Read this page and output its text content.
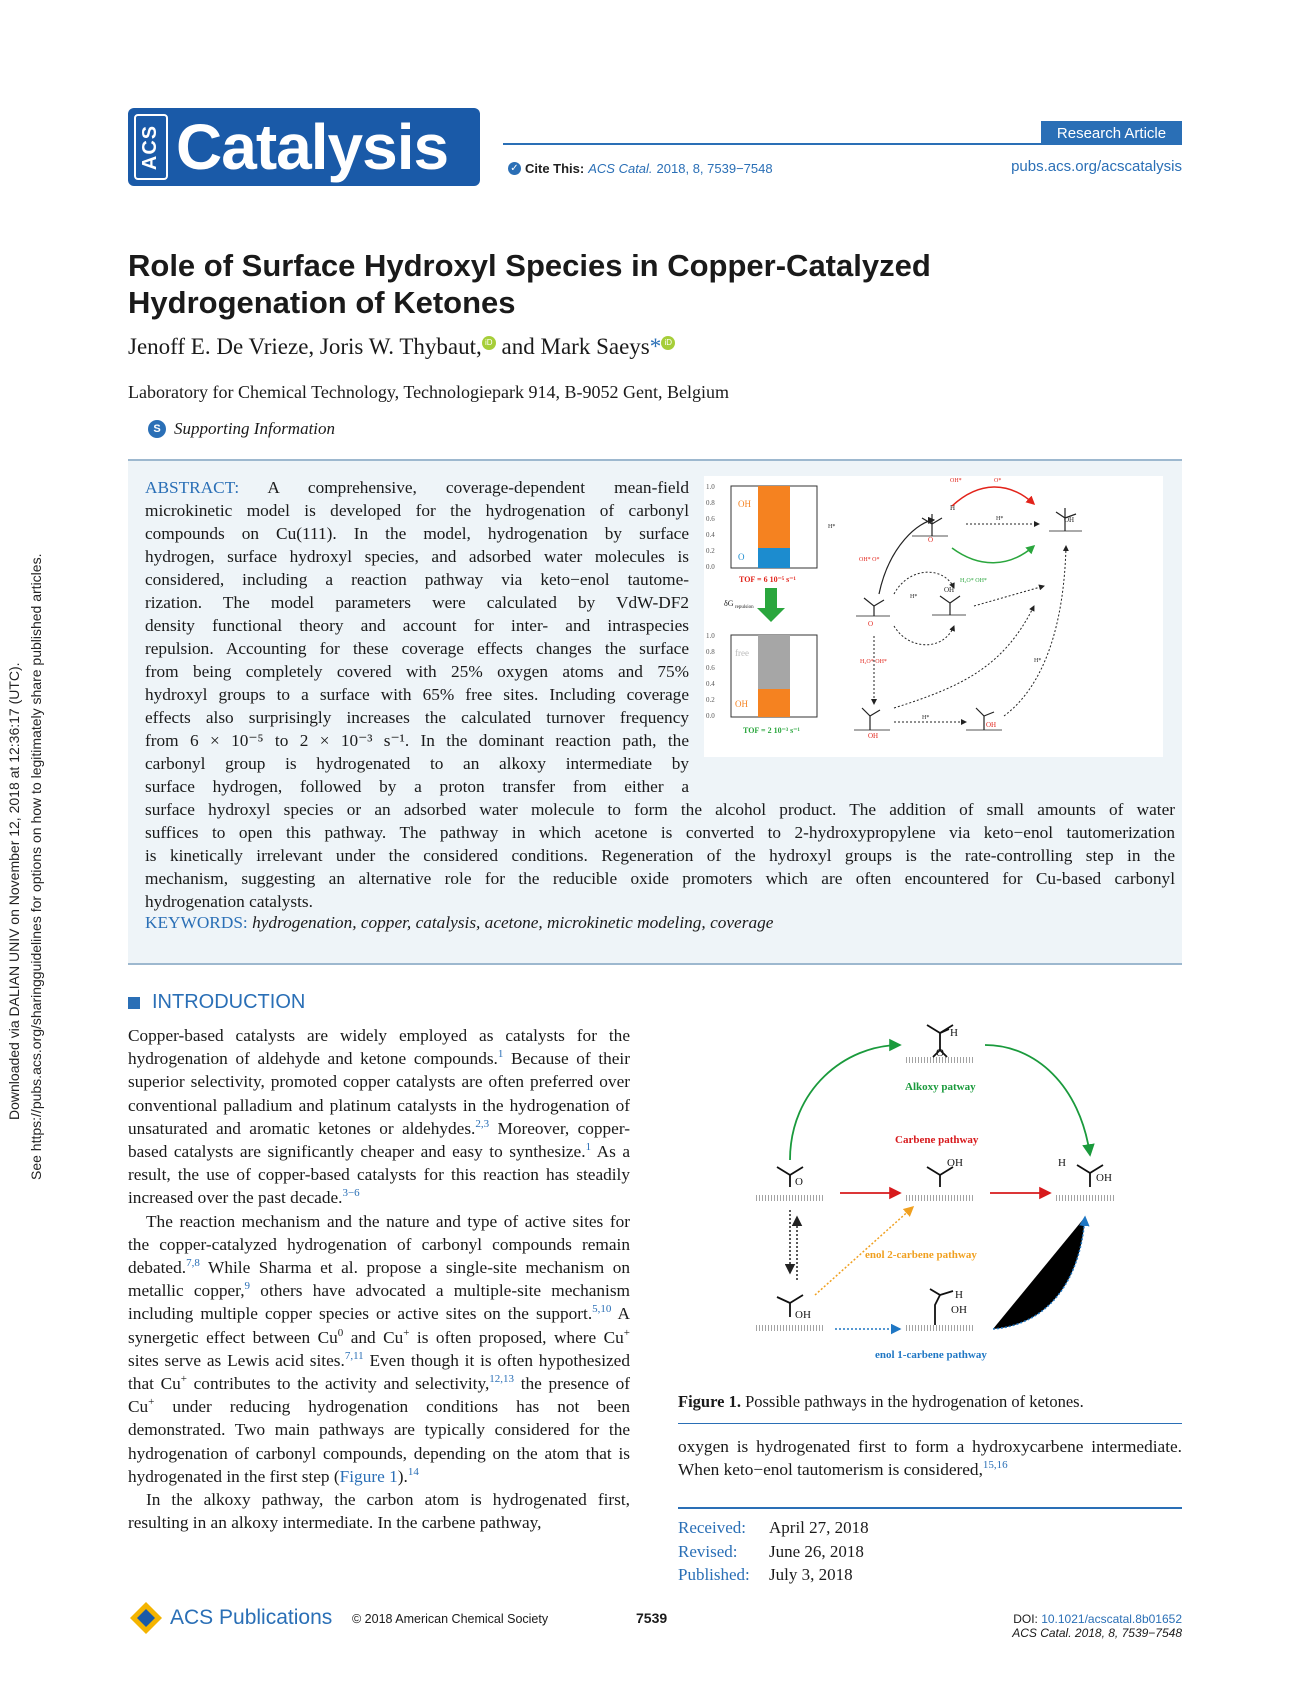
Downloaded via DALIAN UNIV on November 12, 2018 at 12:36:17 (UTC). See https://pubs.acs.org/sharingguidelines for options on how to legitimately share published articles.
ACS Catalysis	Research Article
✓ Cite This: ACS Catal. 2018, 8, 7539−7548	pubs.acs.org/acscatalysis
Role of Surface Hydroxyl Species in Copper-Catalyzed Hydrogenation of Ketones
Jenoff E. De Vrieze, Joris W. Thybaut, iD and Mark Saeys* iD
Laboratory for Chemical Technology, Technologiepark 914, B-9052 Gent, Belgium
S Supporting Information
ABSTRACT: A comprehensive, coverage-dependent mean-field
microkinetic model is developed for the hydrogenation of carbonyl
compounds on Cu(111). In the model, hydrogenation by surface
hydrogen, surface hydroxyl species, and adsorbed water molecules is
considered, including a reaction pathway via keto−enol tautome-
rization. The model parameters were calculated by VdW-DF2
density functional theory and account for inter- and intraspecies
repulsion. Accounting for these coverage effects changes the surface
from being completely covered with 25% oxygen atoms and 75%
hydroxyl groups to a surface with 65% free sites. Including coverage
effects also surprisingly increases the calculated turnover frequency
from 6 × 10⁻⁵ to 2 × 10⁻³ s⁻¹. In the dominant reaction path, the
carbonyl group is hydrogenated to an alkoxy intermediate by
surface hydrogen, followed by a proton transfer from either a
surface hydroxyl species or an adsorbed water molecule to form the alcohol product. The addition of small amounts of water
suffices to open this pathway. The pathway in which acetone is converted to 2-hydroxypropylene via keto−enol tautomerization
is kinetically irrelevant under the considered conditions. Regeneration of the hydroxyl groups is the rate-controlling step in the
mechanism, suggesting an alternative role for the reducible oxide promoters which are often encountered for Cu-based carbonyl
hydrogenation catalysts.
KEYWORDS: hydrogenation, copper, catalysis, acetone, microkinetic modeling, coverage
1.0
0.8
0.6
0.4
0.2
0.0
OH
O
TOF = 6 10⁻⁵ s⁻¹
δG repulsion
1.0
0.8
0.6
0.4
0.2
0.0
free
OH
TOF = 2 10⁻³ s⁻¹
O
O
OH
OH
OH
OH
H
OH*	O*
OH* O*
H₂O* OH*
H₂O* OH*
H*
H*
H*
H*
H*
INTRODUCTION

Copper-based catalysts are widely employed as catalysts for the hydrogenation of aldehyde and ketone compounds.$^1$ Because of their superior selectivity, promoted copper catalysts are often preferred over conventional palladium and platinum catalysts in the hydrogenation of unsaturated and aromatic ketones or aldehydes.$^{2,3}$ Moreover, copper-based catalysts are significantly cheaper and easy to synthesize.$^1$ As a result, the use of copper-based catalysts for this reaction has steadily increased over the past decade.$^{3-6}$

The reaction mechanism and the nature and type of active sites for the copper-catalyzed hydrogenation of carbonyl compounds remain debated.$^{7,8}$ While Sharma et al. propose a single-site mechanism on metallic copper,$^9$ others have advocated a multiple-site mechanism including multiple copper species or active sites on the support.$^{5,10}$ A synergetic effect between Cu$^0$ and Cu+ is often proposed, where Cu+ sites serve as Lewis acid sites.$^{7,11}$ Even though it is often hypothesized that Cu+ contributes to the activity and selectivity,$^{12,13}$ the presence of Cu+ under reducing hydrogenation conditions has not been demonstrated. Two main pathways are typically considered for the hydrogenation of carbonyl compounds, depending on the atom that is hydrogenated in the first step (Figure 1).$^{14}$

In the alkoxy pathway, the carbon atom is hydrogenated first, resulting in an alkoxy intermediate. In the carbene pathway,

H
O
O
OH	H
OH
OH
H
OH
Alkoxy patway
Carbene pathway
enol 2-carbene pathway
enol 1-carbene pathway
Figure 1. Possible pathways in the hydrogenation of ketones.
oxygen is hydrogenated first to form a hydroxycarbene intermediate. When keto−enol tautomerism is considered,$^{15,16}$
Received: April 27, 2018
Revised: June 26, 2018
Published: July 3, 2018
ACS Publications © 2018 American Chemical Society	7539	DOI: 10.1021/acscatal.8b01652
ACS Catal. 2018, 8, 7539−7548
